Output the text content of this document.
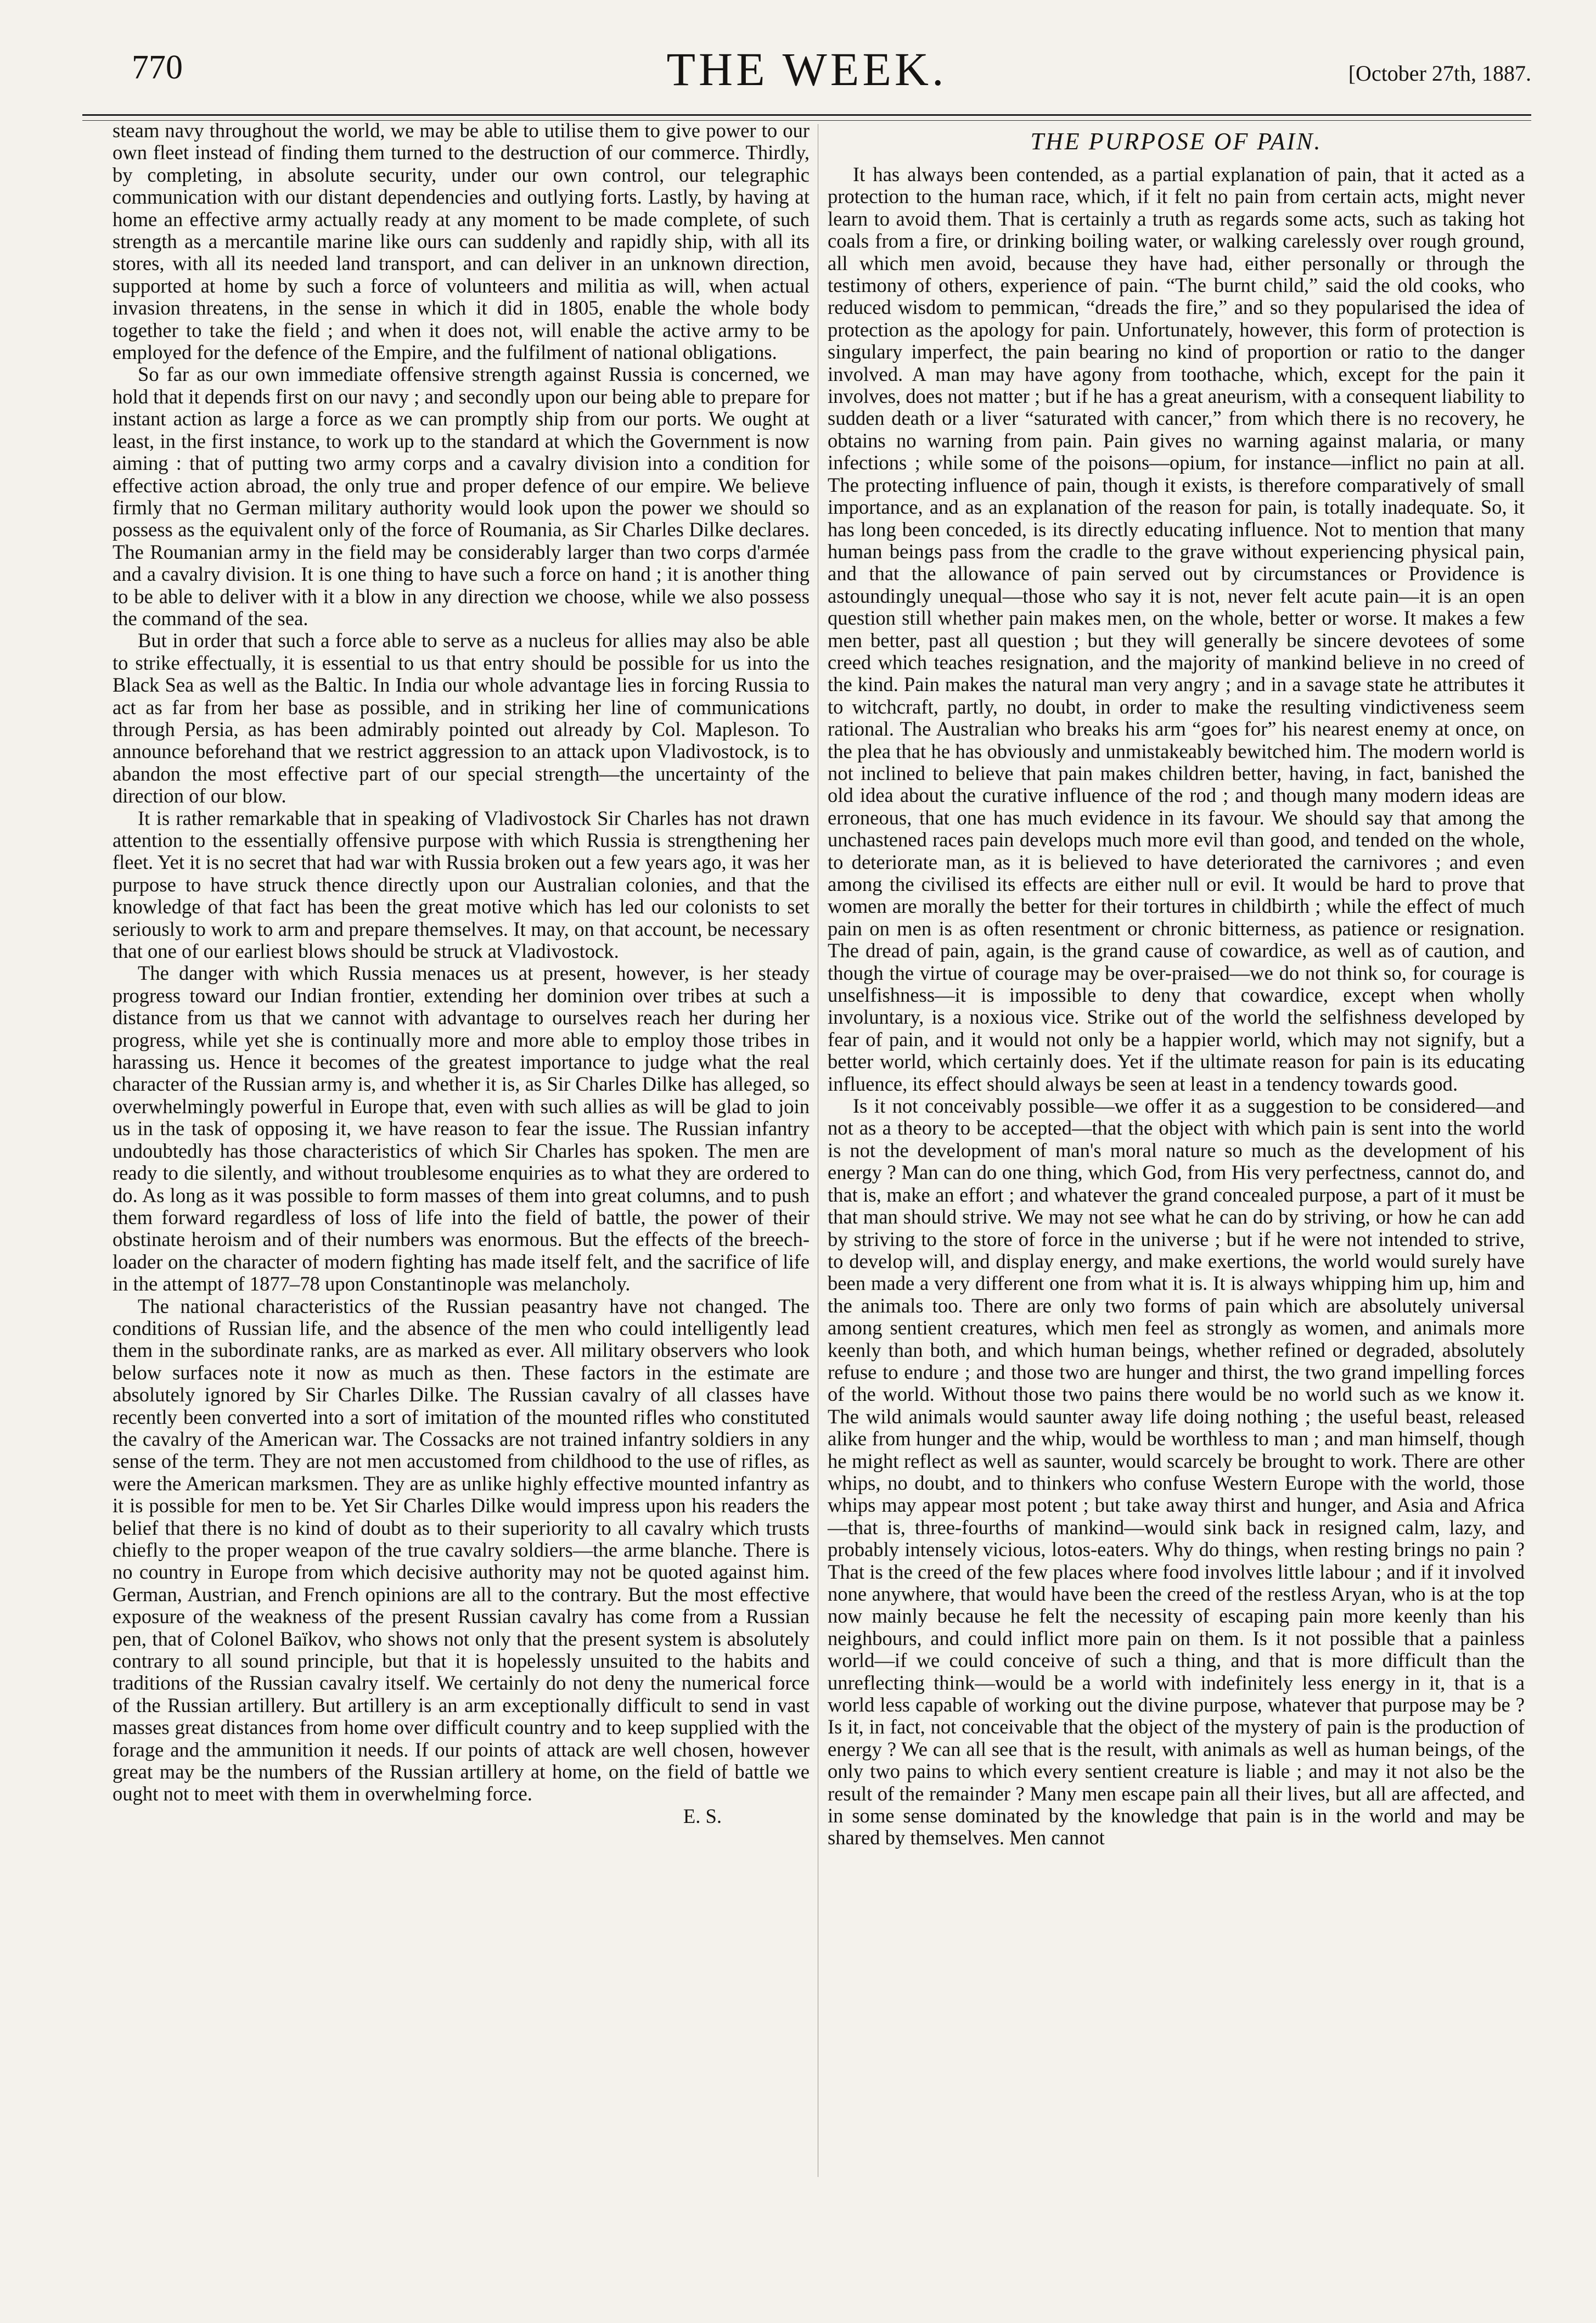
770	THE WEEK.	[October 27th, 1887.

steam navy throughout the world, we may be able to utilise them to give power to our own fleet instead of finding them turned to the destruction of our commerce. Thirdly, by completing, in absolute security, under our own control, our telegraphic communication with our distant dependencies and outlying forts. Lastly, by having at home an effective army actually ready at any moment to be made complete, of such strength as a mercantile marine like ours can suddenly and rapidly ship, with all its stores, with all its needed land transport, and can deliver in an unknown direction, supported at home by such a force of volunteers and militia as will, when actual invasion threatens, in the sense in which it did in 1805, enable the whole body together to take the field ; and when it does not, will enable the active army to be employed for the defence of the Empire, and the fulfilment of national obligations.

So far as our own immediate offensive strength against Russia is concerned, we hold that it depends first on our navy ; and secondly upon our being able to prepare for instant action as large a force as we can promptly ship from our ports. We ought at least, in the first instance, to work up to the standard at which the Government is now aiming : that of putting two army corps and a cavalry division into a condition for effective action abroad, the only true and proper defence of our empire. We believe firmly that no German military authority would look upon the power we should so possess as the equivalent only of the force of Roumania, as Sir Charles Dilke declares. The Roumanian army in the field may be considerably larger than two corps d'armée and a cavalry division. It is one thing to have such a force on hand ; it is another thing to be able to deliver with it a blow in any direction we choose, while we also possess the command of the sea.

But in order that such a force able to serve as a nucleus for allies may also be able to strike effectually, it is essential to us that entry should be possible for us into the Black Sea as well as the Baltic. In India our whole advantage lies in forcing Russia to act as far from her base as possible, and in striking her line of communications through Persia, as has been admirably pointed out already by Col. Mapleson. To announce beforehand that we restrict aggression to an attack upon Vladivostock, is to abandon the most effective part of our special strength—the uncertainty of the direction of our blow.

It is rather remarkable that in speaking of Vladivostock Sir Charles has not drawn attention to the essentially offensive purpose with which Russia is strengthening her fleet. Yet it is no secret that had war with Russia broken out a few years ago, it was her purpose to have struck thence directly upon our Australian colonies, and that the knowledge of that fact has been the great motive which has led our colonists to set seriously to work to arm and prepare themselves. It may, on that account, be necessary that one of our earliest blows should be struck at Vladivostock.

The danger with which Russia menaces us at present, however, is her steady progress toward our Indian frontier, extending her dominion over tribes at such a distance from us that we cannot with advantage to ourselves reach her during her progress, while yet she is continually more and more able to employ those tribes in harassing us. Hence it becomes of the greatest importance to judge what the real character of the Russian army is, and whether it is, as Sir Charles Dilke has alleged, so overwhelmingly powerful in Europe that, even with such allies as will be glad to join us in the task of opposing it, we have reason to fear the issue. The Russian infantry undoubtedly has those characteristics of which Sir Charles has spoken. The men are ready to die silently, and without troublesome enquiries as to what they are ordered to do. As long as it was possible to form masses of them into great columns, and to push them forward regardless of loss of life into the field of battle, the power of their obstinate heroism and of their numbers was enormous. But the effects of the breech-loader on the character of modern fighting has made itself felt, and the sacrifice of life in the attempt of 1877–78 upon Constantinople was melancholy.

The national characteristics of the Russian peasantry have not changed. The conditions of Russian life, and the absence of the men who could intelligently lead them in the subordinate ranks, are as marked as ever. All military observers who look below surfaces note it now as much as then. These factors in the estimate are absolutely ignored by Sir Charles Dilke. The Russian cavalry of all classes have recently been converted into a sort of imitation of the mounted rifles who constituted the cavalry of the American war. The Cossacks are not trained infantry soldiers in any sense of the term. They are not men accustomed from childhood to the use of rifles, as were the American marksmen. They are as unlike highly effective mounted infantry as it is possible for men to be. Yet Sir Charles Dilke would impress upon his readers the belief that there is no kind of doubt as to their superiority to all cavalry which trusts chiefly to the proper weapon of the true cavalry soldiers—the arme blanche. There is no country in Europe from which decisive authority may not be quoted against him. German, Austrian, and French opinions are all to the contrary. But the most effective exposure of the weakness of the present Russian cavalry has come from a Russian pen, that of Colonel Baïkov, who shows not only that the present system is absolutely contrary to all sound principle, but that it is hopelessly unsuited to the habits and traditions of the Russian cavalry itself. We certainly do not deny the numerical force of the Russian artillery. But artillery is an arm exceptionally difficult to send in vast masses great distances from home over difficult country and to keep supplied with the forage and the ammunition it needs. If our points of attack are well chosen, however great may be the numbers of the Russian artillery at home, on the field of battle we ought not to meet with them in overwhelming force.

E. S.
THE PURPOSE OF PAIN.

It has always been contended, as a partial explanation of pain, that it acted as a protection to the human race, which, if it felt no pain from certain acts, might never learn to avoid them. That is certainly a truth as regards some acts, such as taking hot coals from a fire, or drinking boiling water, or walking carelessly over rough ground, all which men avoid, because they have had, either personally or through the testimony of others, experience of pain. “The burnt child,” said the old cooks, who reduced wisdom to pemmican, “dreads the fire,” and so they popularised the idea of protection as the apology for pain. Unfortunately, however, this form of protection is singulary imperfect, the pain bearing no kind of proportion or ratio to the danger involved. A man may have agony from toothache, which, except for the pain it involves, does not matter ; but if he has a great aneurism, with a consequent liability to sudden death or a liver “saturated with cancer,” from which there is no recovery, he obtains no warning from pain. Pain gives no warning against malaria, or many infections ; while some of the poisons—opium, for instance—inflict no pain at all. The protecting influence of pain, though it exists, is therefore comparatively of small importance, and as an explanation of the reason for pain, is totally inadequate. So, it has long been conceded, is its directly educating influence. Not to mention that many human beings pass from the cradle to the grave without experiencing physical pain, and that the allowance of pain served out by circumstances or Providence is astoundingly unequal—those who say it is not, never felt acute pain—it is an open question still whether pain makes men, on the whole, better or worse. It makes a few men better, past all question ; but they will generally be sincere devotees of some creed which teaches resignation, and the majority of mankind believe in no creed of the kind. Pain makes the natural man very angry ; and in a savage state he attributes it to witchcraft, partly, no doubt, in order to make the resulting vindictiveness seem rational. The Australian who breaks his arm “goes for” his nearest enemy at once, on the plea that he has obviously and unmistakeably bewitched him. The modern world is not inclined to believe that pain makes children better, having, in fact, banished the old idea about the curative influence of the rod ; and though many modern ideas are erroneous, that one has much evidence in its favour. We should say that among the unchastened races pain develops much more evil than good, and tended on the whole, to deteriorate man, as it is believed to have deteriorated the carnivores ; and even among the civilised its effects are either null or evil. It would be hard to prove that women are morally the better for their tortures in childbirth ; while the effect of much pain on men is as often resentment or chronic bitterness, as patience or resignation. The dread of pain, again, is the grand cause of cowardice, as well as of caution, and though the virtue of courage may be over-praised—we do not think so, for courage is unselfishness—it is impossible to deny that cowardice, except when wholly involuntary, is a noxious vice. Strike out of the world the selfishness developed by fear of pain, and it would not only be a happier world, which may not signify, but a better world, which certainly does. Yet if the ultimate reason for pain is its educating influence, its effect should always be seen at least in a tendency towards good.

Is it not conceivably possible—we offer it as a suggestion to be considered—and not as a theory to be accepted—that the object with which pain is sent into the world is not the development of man's moral nature so much as the development of his energy ? Man can do one thing, which God, from His very perfectness, cannot do, and that is, make an effort ; and whatever the grand concealed purpose, a part of it must be that man should strive. We may not see what he can do by striving, or how he can add by striving to the store of force in the universe ; but if he were not intended to strive, to develop will, and display energy, and make exertions, the world would surely have been made a very different one from what it is. It is always whipping him up, him and the animals too. There are only two forms of pain which are absolutely universal among sentient creatures, which men feel as strongly as women, and animals more keenly than both, and which human beings, whether refined or degraded, absolutely refuse to endure ; and those two are hunger and thirst, the two grand impelling forces of the world. Without those two pains there would be no world such as we know it. The wild animals would saunter away life doing nothing ; the useful beast, released alike from hunger and the whip, would be worthless to man ; and man himself, though he might reflect as well as saunter, would scarcely be brought to work. There are other whips, no doubt, and to thinkers who confuse Western Europe with the world, those whips may appear most potent ; but take away thirst and hunger, and Asia and Africa—that is, three-fourths of mankind—would sink back in resigned calm, lazy, and probably intensely vicious, lotos-eaters. Why do things, when resting brings no pain ? That is the creed of the few places where food involves little labour ; and if it involved none anywhere, that would have been the creed of the restless Aryan, who is at the top now mainly because he felt the necessity of escaping pain more keenly than his neighbours, and could inflict more pain on them. Is it not possible that a painless world—if we could conceive of such a thing, and that is more difficult than the unreflecting think—would be a world with indefinitely less energy in it, that is a world less capable of working out the divine purpose, whatever that purpose may be ? Is it, in fact, not conceivable that the object of the mystery of pain is the production of energy ? We can all see that is the result, with animals as well as human beings, of the only two pains to which every sentient creature is liable ; and may it not also be the result of the remainder ? Many men escape pain all their lives, but all are affected, and in some sense dominated by the knowledge that pain is in the world and may be shared by themselves. Men cannot
